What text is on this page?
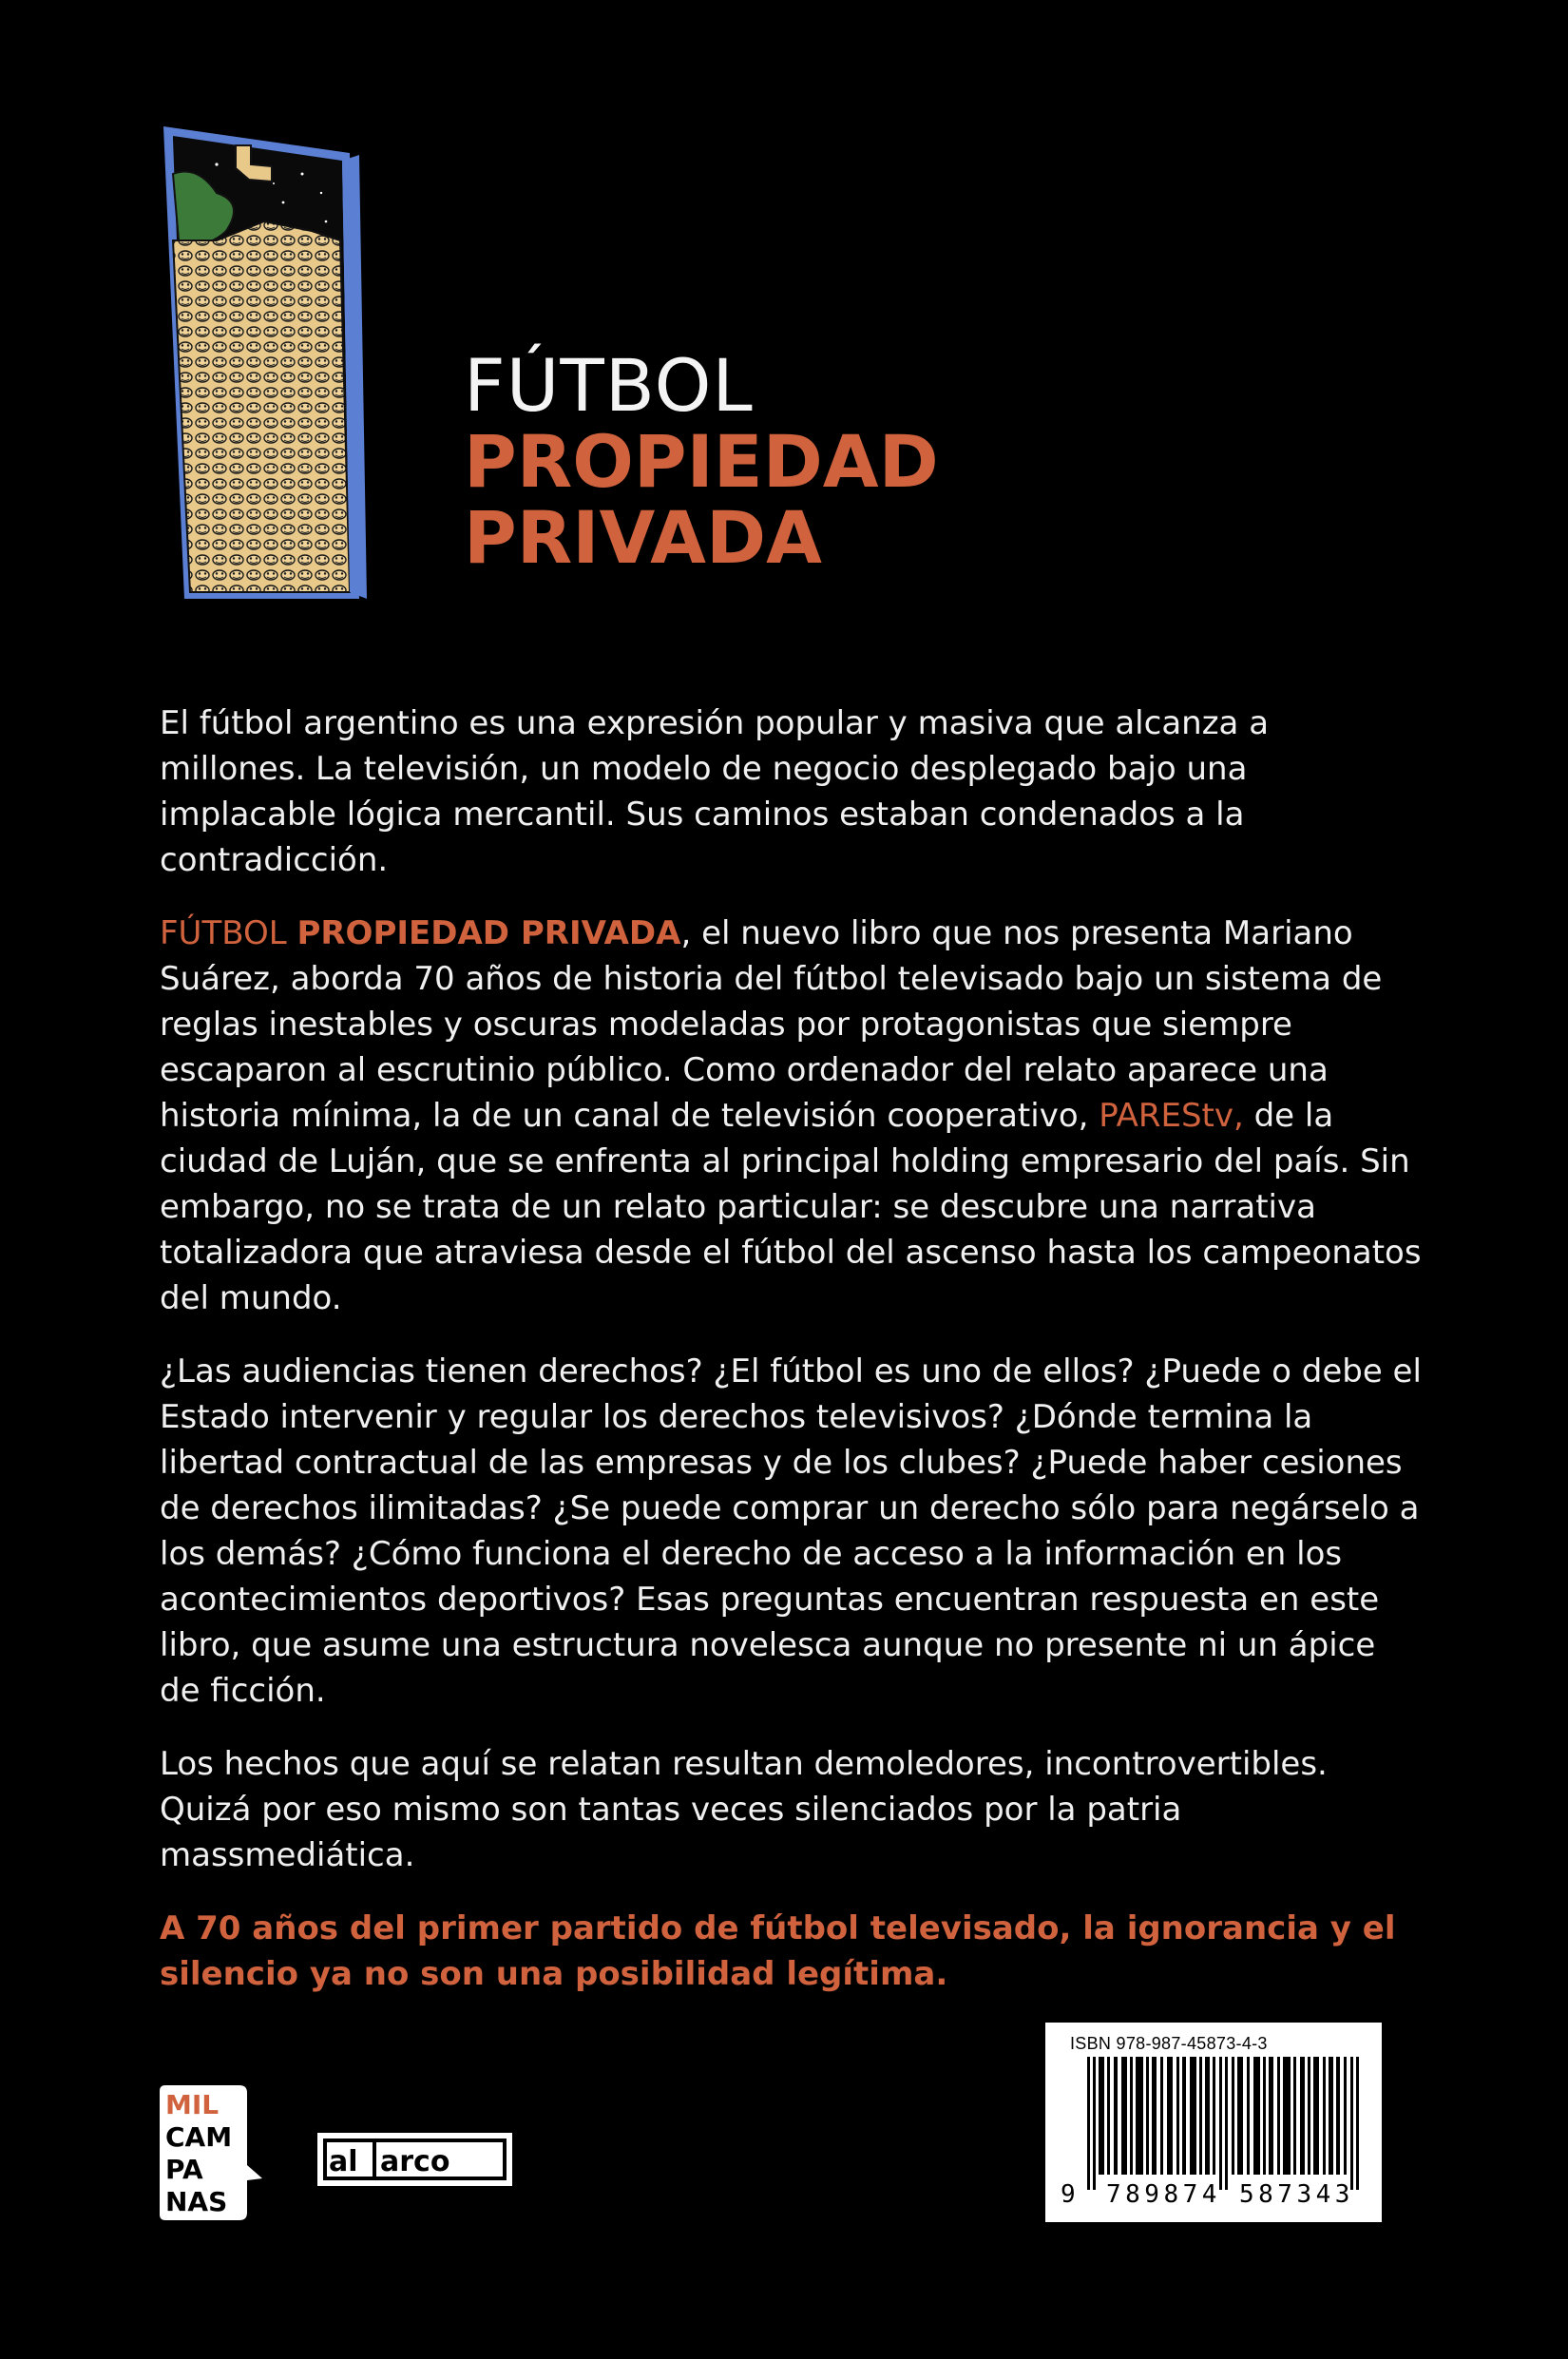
FÚTBOL
PROPIEDAD
PRIVADA

El fútbol argentino es una expresión popular y masiva que alcanza a millones. La televisión, un modelo de negocio desplegado bajo una implacable lógica mercantil. Sus caminos estaban condenados a la contradicción.

FÚTBOL PROPIEDAD PRIVADA, el nuevo libro que nos presenta Mariano Suárez, aborda 70 años de historia del fútbol televisado bajo un sistema de reglas inestables y oscuras modeladas por protagonistas que siempre escaparon al escrutinio público. Como ordenador del relato aparece una historia mínima, la de un canal de televisión cooperativo, PAREStv, de la ciudad de Luján, que se enfrenta al principal holding empresario del país. Sin embargo, no se trata de un relato particular: se descubre una narrativa totalizadora que atraviesa desde el fútbol del ascenso hasta los campeonatos del mundo.

¿Las audiencias tienen derechos? ¿El fútbol es uno de ellos? ¿Puede o debe el Estado intervenir y regular los derechos televisivos? ¿Dónde termina la libertad contractual de las empresas y de los clubes? ¿Puede haber cesiones de derechos ilimitadas? ¿Se puede comprar un derecho sólo para negárselo a los demás? ¿Cómo funciona el derecho de acceso a la información en los acontecimientos deportivos? Esas preguntas encuentran respuesta en este libro, que asume una estructura novelesca aunque no presente ni un ápice de ficción.

Los hechos que aquí se relatan resultan demoledores, incontrovertibles. Quizá por eso mismo son tantas veces silenciados por la patria massmediática.

A 70 años del primer partido de fútbol televisado, la ignorancia y el silencio ya no son una posibilidad legítima.

MIL
CAM
PA
NAS
al arco
ISBN 978-987-45873-4-3
9 789874 587343
